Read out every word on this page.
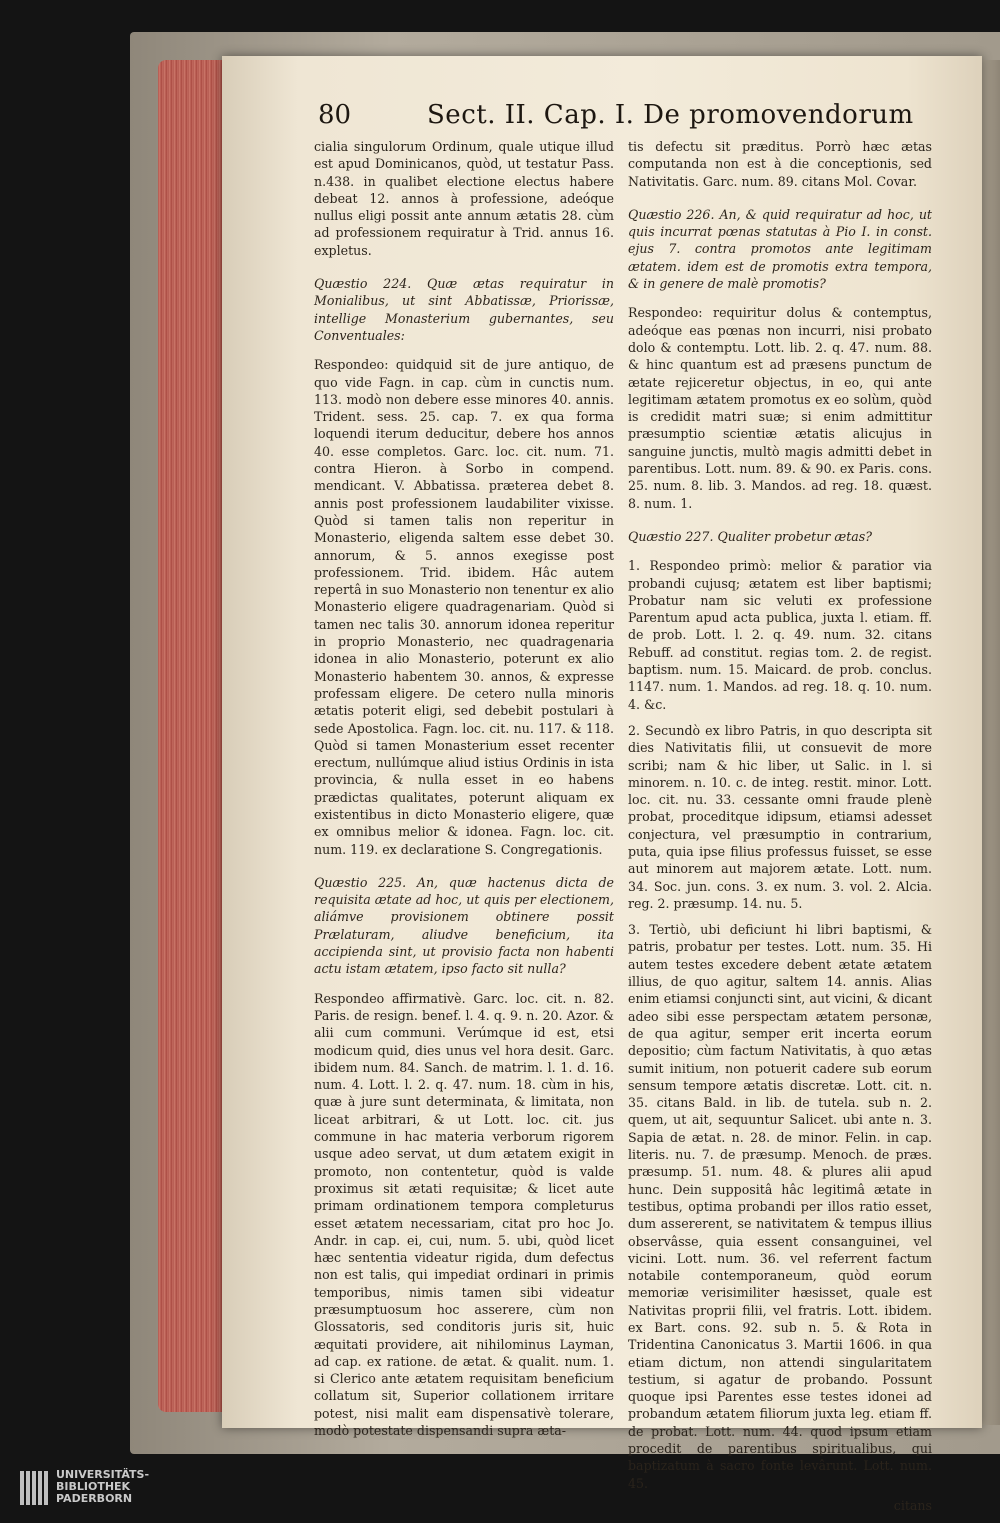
80	Sect. II. Cap. I. De promovendorum

cialia singulorum Ordinum, quale utique illud est apud Dominicanos, quòd, ut testatur Pass. n.438. in qualibet electione electus habere debeat 12. annos à professione, adeóque nullus eligi possit ante annum ætatis 28. cùm ad professionem requiratur à Trid. annus 16. expletus.

Quæstio 224. Quæ ætas requiratur in Monialibus, ut sint Abbatissæ, Priorissæ, intellige Monasterium gubernantes, seu Conventuales:

Respondeo: quidquid sit de jure antiquo, de quo vide Fagn. in cap. cùm in cunctis num. 113. modò non debere esse minores 40. annis. Trident. sess. 25. cap. 7. ex qua forma loquendi iterum deducitur, debere hos annos 40. esse completos. Garc. loc. cit. num. 71. contra Hieron. à Sorbo in compend. mendicant. V. Abbatissa. præterea debet 8. annis post professionem laudabiliter vixisse. Quòd si tamen talis non reperitur in Monasterio, eligenda saltem esse debet 30. annorum, & 5. annos exegisse post professionem. Trid. ibidem. Hâc autem repertâ in suo Monasterio non tenentur ex alio Monasterio eligere quadragenariam. Quòd si tamen nec talis 30. annorum idonea reperitur in proprio Monasterio, nec quadragenaria idonea in alio Monasterio, poterunt ex alio Monasterio habentem 30. annos, & expresse professam eligere. De cetero nulla minoris ætatis poterit eligi, sed debebit postulari à sede Apostolica. Fagn. loc. cit. nu. 117. & 118. Quòd si tamen Monasterium esset recenter erectum, nullúmque aliud istius Ordinis in ista provincia, & nulla esset in eo habens prædictas qualitates, poterunt aliquam ex existentibus in dicto Monasterio eligere, quæ ex omnibus melior & idonea. Fagn. loc. cit. num. 119. ex declaratione S. Congregationis.

Quæstio 225. An, quæ hactenus dicta de requisita ætate ad hoc, ut quis per electionem, aliámve provisionem obtinere possit Prælaturam, aliudve beneficium, ita accipienda sint, ut provisio facta non habenti actu istam ætatem, ipso facto sit nulla?

Respondeo affirmativè. Garc. loc. cit. n. 82. Paris. de resign. benef. l. 4. q. 9. n. 20. Azor. & alii cum communi. Verúmque id est, etsi modicum quid, dies unus vel hora desit. Garc. ibidem num. 84. Sanch. de matrim. l. 1. d. 16. num. 4. Lott. l. 2. q. 47. num. 18. cùm in his, quæ à jure sunt determinata, & limitata, non liceat arbitrari, & ut Lott. loc. cit. jus commune in hac materia verborum rigorem usque adeo servat, ut dum ætatem exigit in promoto, non contentetur, quòd is valde proximus sit ætati requisitæ; & licet aute primam ordinationem tempora completurus esset ætatem necessariam, citat pro hoc Jo. Andr. in cap. ei, cui, num. 5. ubi, quòd licet hæc sententia videatur rigida, dum defectus non est talis, qui impediat ordinari in primis temporibus, nimis tamen sibi videatur præsumptuosum hoc asserere, cùm non Glossatoris, sed conditoris juris sit, huic æquitati providere, ait nihilominus Layman, ad cap. ex ratione. de ætat. & qualit. num. 1. si Clerico ante ætatem requisitam beneficium collatum sit, Superior collationem irritare potest, nisi malit eam dispensativè tolerare, modò potestate dispensandi supra æta-

tis defectu sit præditus. Porrò hæc ætas computanda non est à die conceptionis, sed Nativitatis. Garc. num. 89. citans Mol. Covar.

Quæstio 226. An, & quid requiratur ad hoc, ut quis incurrat pœnas statutas à Pio I. in const. ejus 7. contra promotos ante legitimam ætatem. idem est de promotis extra tempora, & in genere de malè promotis?

Respondeo: requiritur dolus & contemptus, adeóque eas pœnas non incurri, nisi probato dolo & contemptu. Lott. lib. 2. q. 47. num. 88. & hinc quantum est ad præsens punctum de ætate rejiceretur objectus, in eo, qui ante legitimam ætatem promotus ex eo solùm, quòd is credidit matri suæ; si enim admittitur præsumptio scientiæ ætatis alicujus in sanguine junctis, multò magis admitti debet in parentibus. Lott. num. 89. & 90. ex Paris. cons. 25. num. 8. lib. 3. Mandos. ad reg. 18. quæst. 8. num. 1.

Quæstio 227. Qualiter probetur ætas?

1. Respondeo primò: melior & paratior via probandi cujusq; ætatem est liber baptismi; Probatur nam sic veluti ex professione Parentum apud acta publica, juxta l. etiam. ff. de prob. Lott. l. 2. q. 49. num. 32. citans Rebuff. ad constitut. regias tom. 2. de regist. baptism. num. 15. Maicard. de prob. conclus. 1147. num. 1. Mandos. ad reg. 18. q. 10. num. 4. &c.

2. Secundò ex libro Patris, in quo descripta sit dies Nativitatis filii, ut consuevit de more scribi; nam & hic liber, ut Salic. in l. si minorem. n. 10. c. de integ. restit. minor. Lott. loc. cit. nu. 33. cessante omni fraude plenè probat, proceditque idipsum, etiamsi adesset conjectura, vel præsumptio in contrarium, puta, quia ipse filius professus fuisset, se esse aut minorem aut majorem ætate. Lott. num. 34. Soc. jun. cons. 3. ex num. 3. vol. 2. Alcia. reg. 2. præsump. 14. nu. 5.

3. Tertiò, ubi deficiunt hi libri baptismi, & patris, probatur per testes. Lott. num. 35. Hi autem testes excedere debent ætate ætatem illius, de quo agitur, saltem 14. annis. Alias enim etiamsi conjuncti sint, aut vicini, & dicant adeo sibi esse perspectam ætatem personæ, de qua agitur, semper erit incerta eorum depositio; cùm factum Nativitatis, à quo ætas sumit initium, non potuerit cadere sub eorum sensum tempore ætatis discretæ. Lott. cit. n. 35. citans Bald. in lib. de tutela. sub n. 2. quem, ut ait, sequuntur Salicet. ubi ante n. 3. Sapia de ætat. n. 28. de minor. Felin. in cap. literis. nu. 7. de præsump. Menoch. de præs. præsump. 51. num. 48. & plures alii apud hunc. Dein suppositâ hâc legitimâ ætate in testibus, optima probandi per illos ratio esset, dum assererent, se nativitatem & tempus illius observâsse, quia essent consanguinei, vel vicini. Lott. num. 36. vel referrent factum notabile contemporaneum, quòd eorum memoriæ verisimiliter hæsisset, quale est Nativitas proprii filii, vel fratris. Lott. ibidem. ex Bart. cons. 92. sub n. 5. & Rota in Tridentina Canonicatus 3. Martii 1606. in qua etiam dictum, non attendi singularitatem testium, si agatur de probando. Possunt quoque ipsi Parentes esse testes idonei ad probandum ætatem filiorum juxta leg. etiam ff. de probat. Lott. num. 44. quod ipsum etiam procedit de parentibus spiritualibus, qui baptizatum à sacro fonte levârunt. Lott. num. 45.

citans

UNIVERSITÄTS-
BIBLIOTHEK
PADERBORN
